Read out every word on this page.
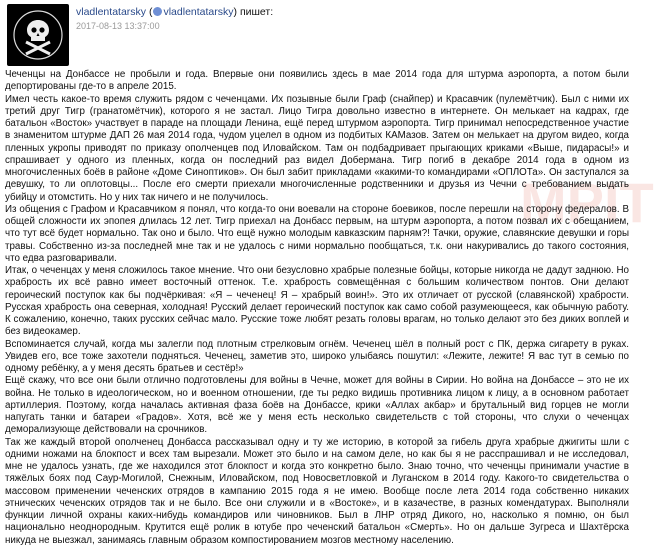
vladlentatarsky ( vladlentatarsky) пишет:
2017-08-13 13:37:00
MPIT

Чеченцы на Донбассе не пробыли и года. Впервые они появились здесь в мае 2014 года для штурма аэропорта, а потом были депортированы где-то в апреле 2015.

Имел честь какое-то время служить рядом с чеченцами. Их позывные были Граф (снайпер) и Красавчик (пулемётчик). Был с ними их третий друг Тигр (гранатомётчик), которого я не застал. Лицо Тигра довольно известно в интернете. Он мелькает на кадрах, где батальон «Восток» участвует в параде на площади Ленина, ещё перед штурмом аэропорта. Тигр принимал непосредственное участие в знаменитом штурме ДАП 26 мая 2014 года, чудом уцелел в одном из подбитых КАМазов. Затем он мелькает на другом видео, когда пленных укропы приводят по приказу ополченцев под Иловайском. Там он подбадривает прыгающих криками «Выше, пидарасы!» и спрашивает у одного из пленных, когда он последний раз видел Добермана. Тигр погиб в декабре 2014 года в одном из многочисленных боёв в районе «Доме Синоптиков». Он был забит прикладами «какими-то командирами «ОПЛОТа». Он заступался за девушку, то ли оплотовцы... После его смерти приехали многочисленные родственники и друзья из Чечни с требованием выдать убийцу и отомстить. Но у них так ничего и не получилось.

Из общения с Графом и Красавчиком я понял, что когда-то они воевали на стороне боевиков, после перешли на сторону федералов. В общей сложности их эпопея длилась 12 лет. Тигр приехал на Донбасс первым, на штурм аэропорта, а потом позвал их с обещанием, что тут всё будет нормально. Так оно и было. Что ещё нужно молодым кавказским парням?! Тачки, оружие, славянские девушки и горы травы. Собственно из-за последней мне так и не удалось с ними нормально пообщаться, т.к. они накуривались до такого состояния, что едва разговаривали.

Итак, о чеченцах у меня сложилось такое мнение. Что они безусловно храбрые полезные бойцы, которые никогда не дадут заднюю. Но храбрость их всё равно имеет восточный оттенок. Т.е. храбрость совмещённая с большим количеством понтов. Они делают героический поступок как бы подчёркивая: «Я – чеченец! Я – храбрый воин!». Это их отличает от русской (славянской) храбрости. Русская храбрость она северная, холодная! Русский делает героический поступок как само собой разумеющееся, как обычную работу. К сожалению, конечно, таких русских сейчас мало. Русские тоже любят резать головы врагам, но только делают это без диких воплей и без видеокамер.

Вспоминается случай, когда мы залегли под плотным стрелковым огнём. Чеченец шёл в полный рост с ПК, держа сигарету в руках. Увидев его, все тоже захотели подняться. Чеченец, заметив это, широко улыбаясь пошутил: «Лежите, лежите! Я вас тут в семью по одному ребёнку, а у меня десять братьев и сестёр!»

Ещё скажу, что все они были отлично подготовлены для войны в Чечне, может для войны в Сирии. Но война на Донбассе – это не их война. Не только в идеологическом, но и военном отношении, где ты редко видишь противника лицом к лицу, а в основном работает артиллерия. Поэтому, когда началась активная фаза боёв на Донбассе, крики «Аллах акбар» и брутальный вид горцев не могли напугать танки и батареи «Градов». Хотя, всё же у меня есть несколько свидетельств с той стороны, что слухи о чеченцах деморализующе действовали на срочников.

Так же каждый второй ополченец Донбасса рассказывал одну и ту же историю, в которой за гибель друга храбрые джигиты шли с одними ножами на блокпост и всех там вырезали. Может это было и на самом деле, но как бы я не расспрашивал и не исследовал, мне не удалось узнать, где же находился этот блокпост и когда это конкретно было. Знаю точно, что чеченцы принимали участие в тяжёлых боях под Саур-Могилой, Снежным, Иловайском, под Новосветловкой и Луганском в 2014 году. Какого-то свидетельства о массовом применении чеченских отрядов в кампанию 2015 года я не имею. Вообще после лета 2014 года собственно никаких этнических чеченских отрядов так и не было. Все они служили и в «Востоке», и в казачестве, в разных комендатурах. Выполняли функции личной охраны каких-нибудь командиров или чиновников. Был в ЛНР отряд Дикого, но, насколько я помню, он был национально неоднородным. Крутится ещё ролик в ютубе про чеченский батальон «Смерть». Но он дальше Зугреса и Шахтёрска никуда не выезжал, занимаясь главным образом компостированием мозгов местному населению.
